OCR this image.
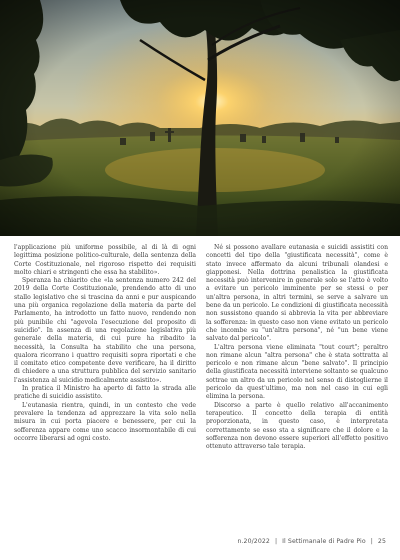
l'applicazione più uniforme possibile, al di là di ogni legittima posizione politico-culturale, della sentenza della Corte Costituzionale, nel rigoroso rispetto dei requisiti molto chiari e stringenti che essa ha stabilito».

Speranza ha chiarito che «la sentenza numero 242 del 2019 della Corte Costituzionale, prendendo atto di uno stallo legislativo che si trascina da anni e pur auspicando una più organica regolazione della materia da parte del Parlamento, ha introdotto un fatto nuovo, rendendo non più punibile chi "agevola l'esecuzione del proposito di suicidio". In assenza di una regolazione legislativa più generale della materia, di cui pure ha ribadito la necessità, la Consulta ha stabilito che una persona, qualora ricorrano i quattro requisiti sopra riportati e che il comitato etico competente deve verificare, ha il diritto di chiedere a una struttura pubblica del servizio sanitario l'assistenza al suicidio medicalmente assistito».

In pratica il Ministro ha aperto di fatto la strada alle pratiche di suicidio assistito.

L'eutanasia rientra, quindi, in un contesto che vede prevalere la tendenza ad apprezzare la vita solo nella misura in cui porta piacere e benessere, per cui la sofferenza appare come uno scacco insormontabile di cui occorre liberarsi ad ogni costo.

Né si possono avallare eutanasia e suicidi assistiti con concetti del tipo della "giustificata necessità", come è stato invece affermato da alcuni tribunali olandesi e giapponesi. Nella dottrina penalistica la giustificata necessità può intervenire in generale solo se l'atto è volto a evitare un pericolo imminente per se stessi o per un'altra persona, in altri termini, se serve a salvare un bene da un pericolo. Le condizioni di giustificata necessità non sussistono quando si abbrevia la vita per abbreviare la sofferenza: in questo caso non viene evitato un pericolo che incombe su "un'altra persona", né "un bene viene salvato dal pericolo".

L'altra persona viene eliminata "tout court"; peraltro non rimane alcun "altra persona" che è stata sottratta al pericolo e non rimane alcun "bene salvato". Il principio della giustificata necessità interviene soltanto se qualcuno sottrae un altro da un pericolo nel senso di distoglierne il pericolo da quest'ultimo, ma non nel caso in cui egli elimina la persona.

Discorso a parte è quello relativo all'accanimento terapeutico. Il concetto della terapia di entità proporzionata, in questo caso, è interpretata correttamente se esso sta a significare che il dolore e la sofferenza non devono essere superiori all'effetto positivo ottenuto attraverso tale terapia.

n.20/2022 | Il Settimanale di Padre Pio | 25
